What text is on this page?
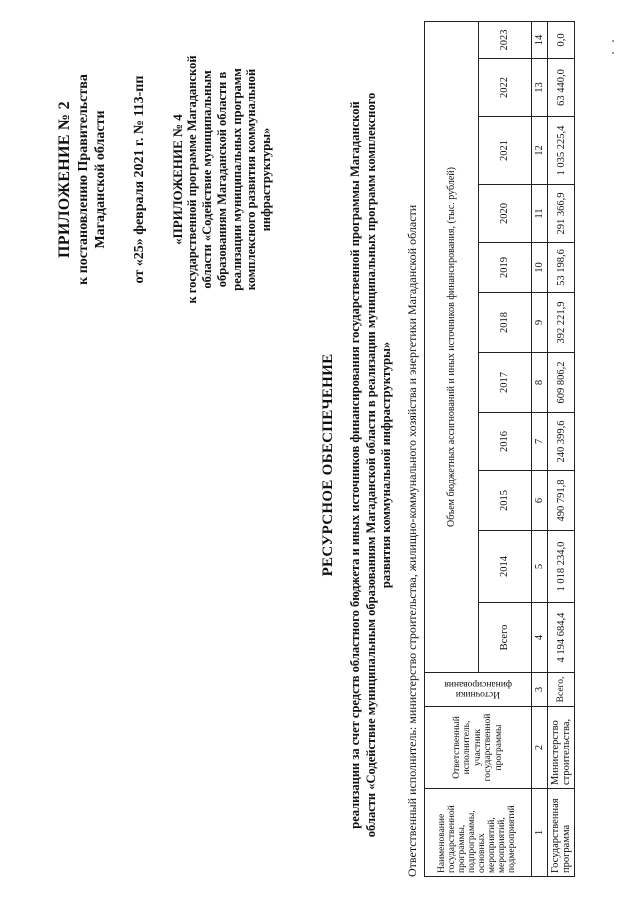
ПРИЛОЖЕНИЕ № 2 к постановлению Правительства Магаданской области от «25» февраля 2021 г. № 113-пп «ПРИЛОЖЕНИЕ № 4 к государственной программе Магаданской области «Содействие муниципальным образованиям Магаданской области в реализации муниципальных программ комплексного развития коммунальной инфраструктуры»
РЕСУРСНОЕ ОБЕСПЕЧЕНИЕ реализации за счет средств областного бюджета и иных источников финансирования государственной программы Магаданской области «Содействие муниципальным образованиям Магаданской области в реализации муниципальных программ комплексного развития коммунальной инфраструктуры» Ответственный исполнитель: министерство строительства, жилищно-коммунального хозяйства и энергетики Магаданской области Наименование государственной программы, подпрограммы, основных мероприятий, мероприятий, подмероприятий	Ответственный исполнитель, участник государственной программы	Источники финансирования	Объем бюджетных ассигнований и иных источников финансирования, (тыс. рублей)										
			Всего	2014	2015	2016	2017	2018	2019	2020	2021	2022	2023
1	2	3	4	5	6	7	8	9	10	11	12	13	14
Государственная программа	Министерство строительства,	Всего,	4 194 684,4	1 018 234,0	490 791,8	240 399,6	609 806,2	392 221,9	53 198,6	291 366,9	1 035 225,4	63 440,0	0,0
